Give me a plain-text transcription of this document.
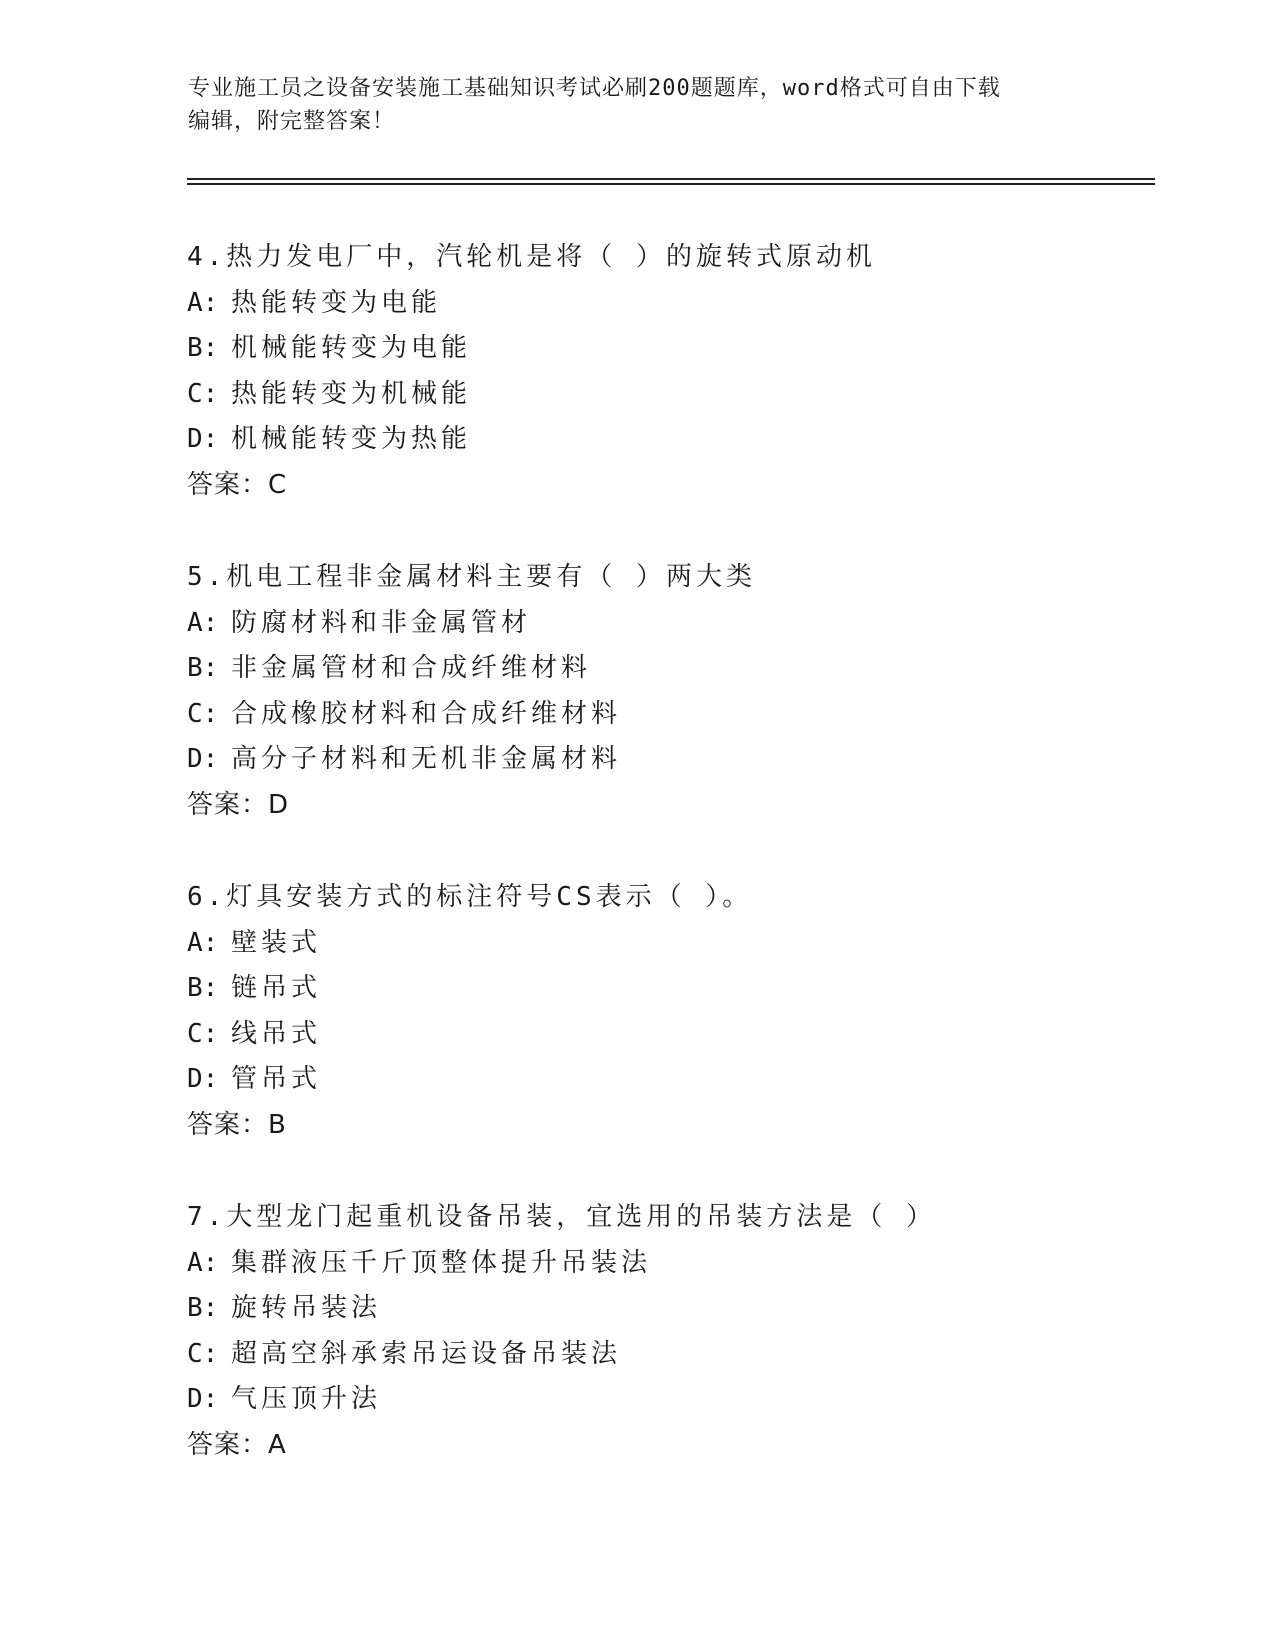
专业施工员之设备安装施工基础知识考试必刷200题题库，word格式可自由下载
编辑，附完整答案！
4.热力发电厂中，汽轮机是将（ ）的旋转式原动机
A: 热能转变为电能
B: 机械能转变为电能
C: 热能转变为机械能
D: 机械能转变为热能
答案：C
5.机电工程非金属材料主要有（ ）两大类
A: 防腐材料和非金属管材
B: 非金属管材和合成纤维材料
C: 合成橡胶材料和合成纤维材料
D: 高分子材料和无机非金属材料
答案：D
6.灯具安装方式的标注符号CS表示（ ）。
A: 壁装式
B: 链吊式
C: 线吊式
D: 管吊式
答案：B
7.大型龙门起重机设备吊装，宜选用的吊装方法是（ ）
A: 集群液压千斤顶整体提升吊装法
B: 旋转吊装法
C: 超高空斜承索吊运设备吊装法
D: 气压顶升法
答案：A
